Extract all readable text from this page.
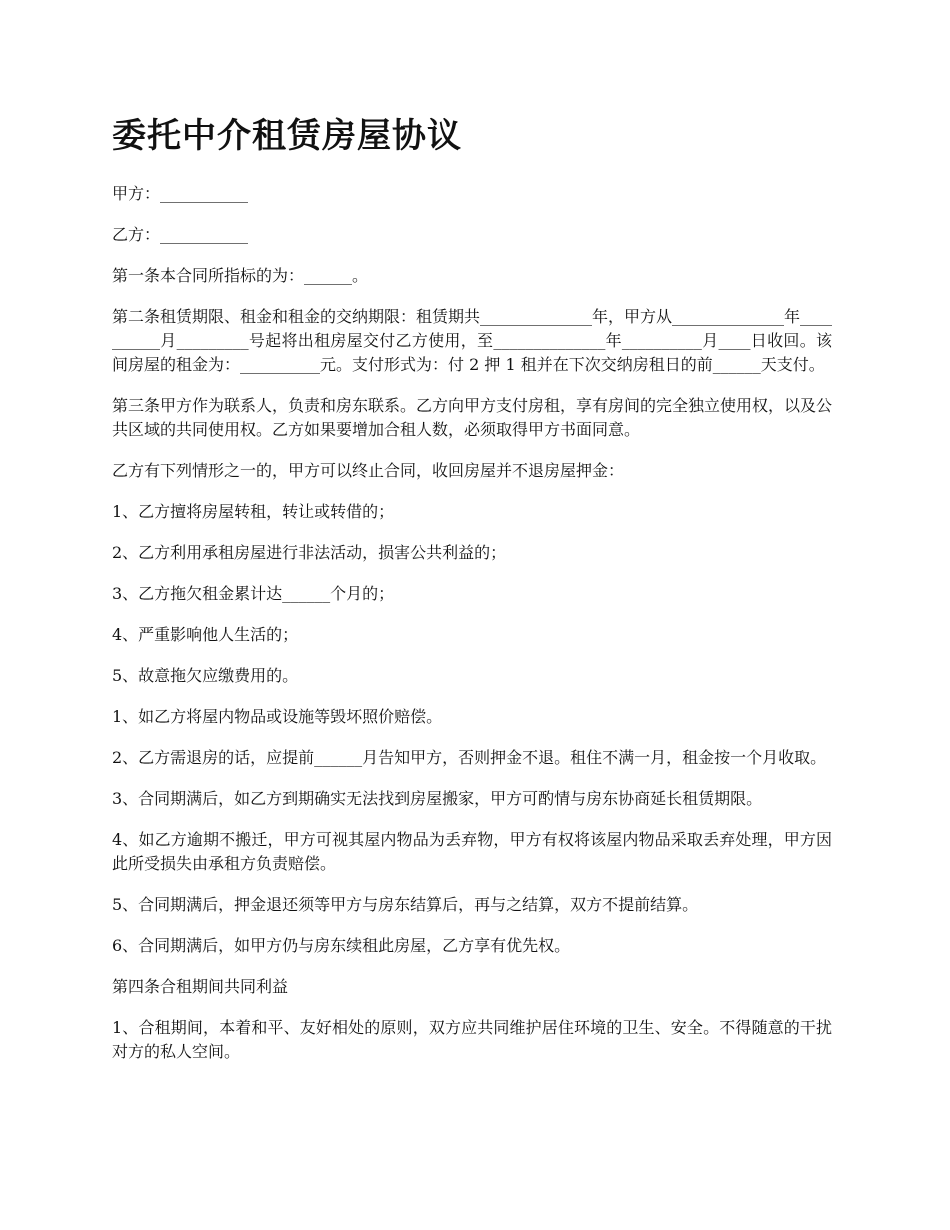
委托中介租赁房屋协议

甲方：___________

乙方：___________

第一条本合同所指标的为：______。

第二条租赁期限、租金和租金的交纳期限：租赁期共______________年，甲方从______________年__________月_________号起将出租房屋交付乙方使用，至______________年__________月____日收回。该间房屋的租金为：__________元。支付形式为：付 2 押 1 租并在下次交纳房租日的前______天支付。

第三条甲方作为联系人，负责和房东联系。乙方向甲方支付房租，享有房间的完全独立使用权，以及公共区域的共同使用权。乙方如果要增加合租人数，必须取得甲方书面同意。

乙方有下列情形之一的，甲方可以终止合同，收回房屋并不退房屋押金：

1、乙方擅将房屋转租，转让或转借的；

2、乙方利用承租房屋进行非法活动，损害公共利益的；

3、乙方拖欠租金累计达______个月的；

4、严重影响他人生活的；

5、故意拖欠应缴费用的。

1、如乙方将屋内物品或设施等毁坏照价赔偿。

2、乙方需退房的话，应提前______月告知甲方，否则押金不退。租住不满一月，租金按一个月收取。

3、合同期满后，如乙方到期确实无法找到房屋搬家，甲方可酌情与房东协商延长租赁期限。

4、如乙方逾期不搬迁，甲方可视其屋内物品为丢弃物，甲方有权将该屋内物品采取丢弃处理，甲方因此所受损失由承租方负责赔偿。

5、合同期满后，押金退还须等甲方与房东结算后，再与之结算，双方不提前结算。

6、合同期满后，如甲方仍与房东续租此房屋，乙方享有优先权。

第四条合租期间共同利益

1、合租期间，本着和平、友好相处的原则，双方应共同维护居住环境的卫生、安全。不得随意的干扰对方的私人空间。
